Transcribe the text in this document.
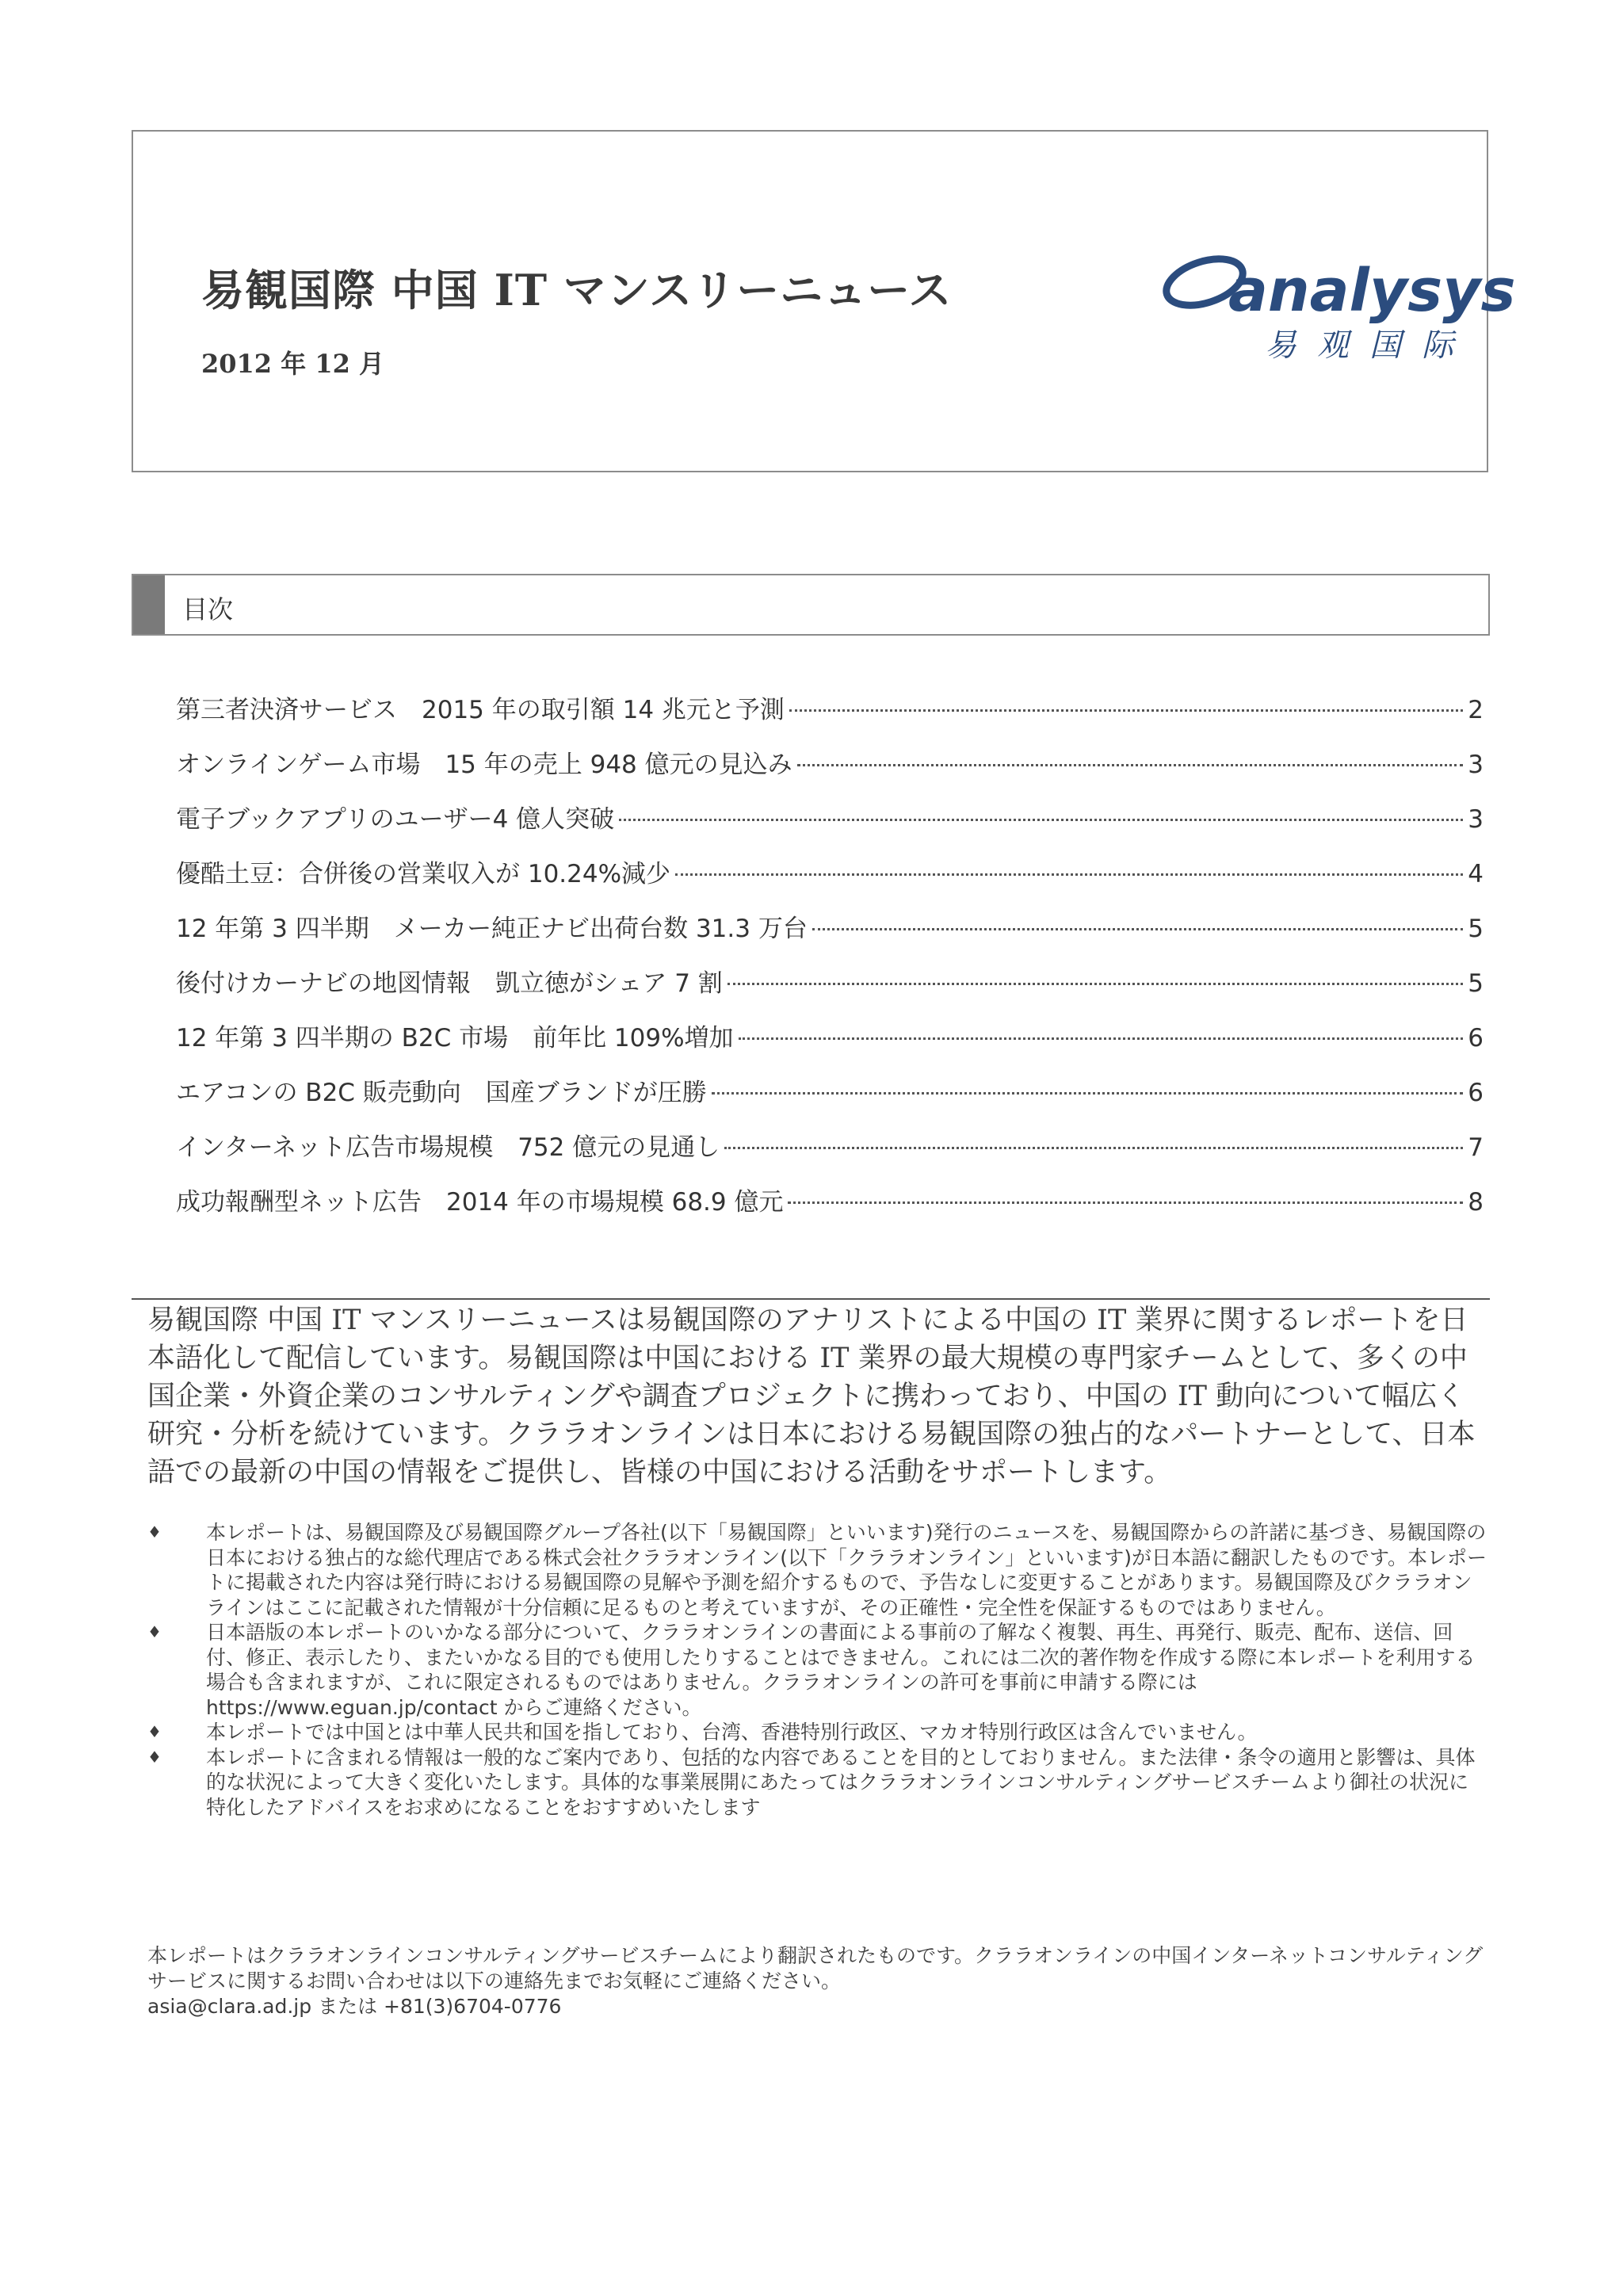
易観国際 中国 IT マンスリーニュース
2012 年 12 月
analysys
易观国际
目次
第三者決済サービス　2015 年の取引額 14 兆元と予測	2
オンラインゲーム市場　15 年の売上 948 億元の見込み	3
電子ブックアプリのユーザー4 億人突破	3
優酷土豆：合併後の営業収入が 10.24%減少	4
12 年第 3 四半期　メーカー純正ナビ出荷台数 31.3 万台	5
後付けカーナビの地図情報　凱立徳がシェア 7 割	5
12 年第 3 四半期の B2C 市場　前年比 109%増加	6
エアコンの B2C 販売動向　国産ブランドが圧勝	6
インターネット広告市場規模　752 億元の見通し	7
成功報酬型ネット広告　2014 年の市場規模 68.9 億元	8
易観国際 中国 IT マンスリーニュースは易観国際のアナリストによる中国の IT 業界に関するレポートを日本語化して配信しています。易観国際は中国における IT 業界の最大規模の専門家チームとして、多くの中国企業・外資企業のコンサルティングや調査プロジェクトに携わっており、中国の IT 動向について幅広く研究・分析を続けています。クララオンラインは日本における易観国際の独占的なパートナーとして、日本語での最新の中国の情報をご提供し、皆様の中国における活動をサポートします。
♦ 本レポートは、易観国際及び易観国際グループ各社(以下「易観国際」といいます)発行のニュースを、易観国際からの許諾に基づき、易観国際の日本における独占的な総代理店である株式会社クララオンライン(以下「クララオンライン」といいます)が日本語に翻訳したものです。本レポートに掲載された内容は発行時における易観国際の見解や予測を紹介するもので、予告なしに変更することがあります。易観国際及びクララオンラインはここに記載された情報が十分信頼に足るものと考えていますが、その正確性・完全性を保証するものではありません。
♦ 日本語版の本レポートのいかなる部分について、クララオンラインの書面による事前の了解なく複製、再生、再発行、販売、配布、送信、回付、修正、表示したり、またいかなる目的でも使用したりすることはできません。これには二次的著作物を作成する際に本レポートを利用する場合も含まれますが、これに限定されるものではありません。クララオンラインの許可を事前に申請する際には https://www.eguan.jp/contact からご連絡ください。
♦ 本レポートでは中国とは中華人民共和国を指しており、台湾、香港特別行政区、マカオ特別行政区は含んでいません。
♦ 本レポートに含まれる情報は一般的なご案内であり、包括的な内容であることを目的としておりません。また法律・条令の適用と影響は、具体的な状況によって大きく変化いたします。具体的な事業展開にあたってはクララオンラインコンサルティングサービスチームより御社の状況に特化したアドバイスをお求めになることをおすすめいたします
本レポートはクララオンラインコンサルティングサービスチームにより翻訳されたものです。クララオンラインの中国インターネットコンサルティングサービスに関するお問い合わせは以下の連絡先までお気軽にご連絡ください。
asia@clara.ad.jp または +81(3)6704-0776
